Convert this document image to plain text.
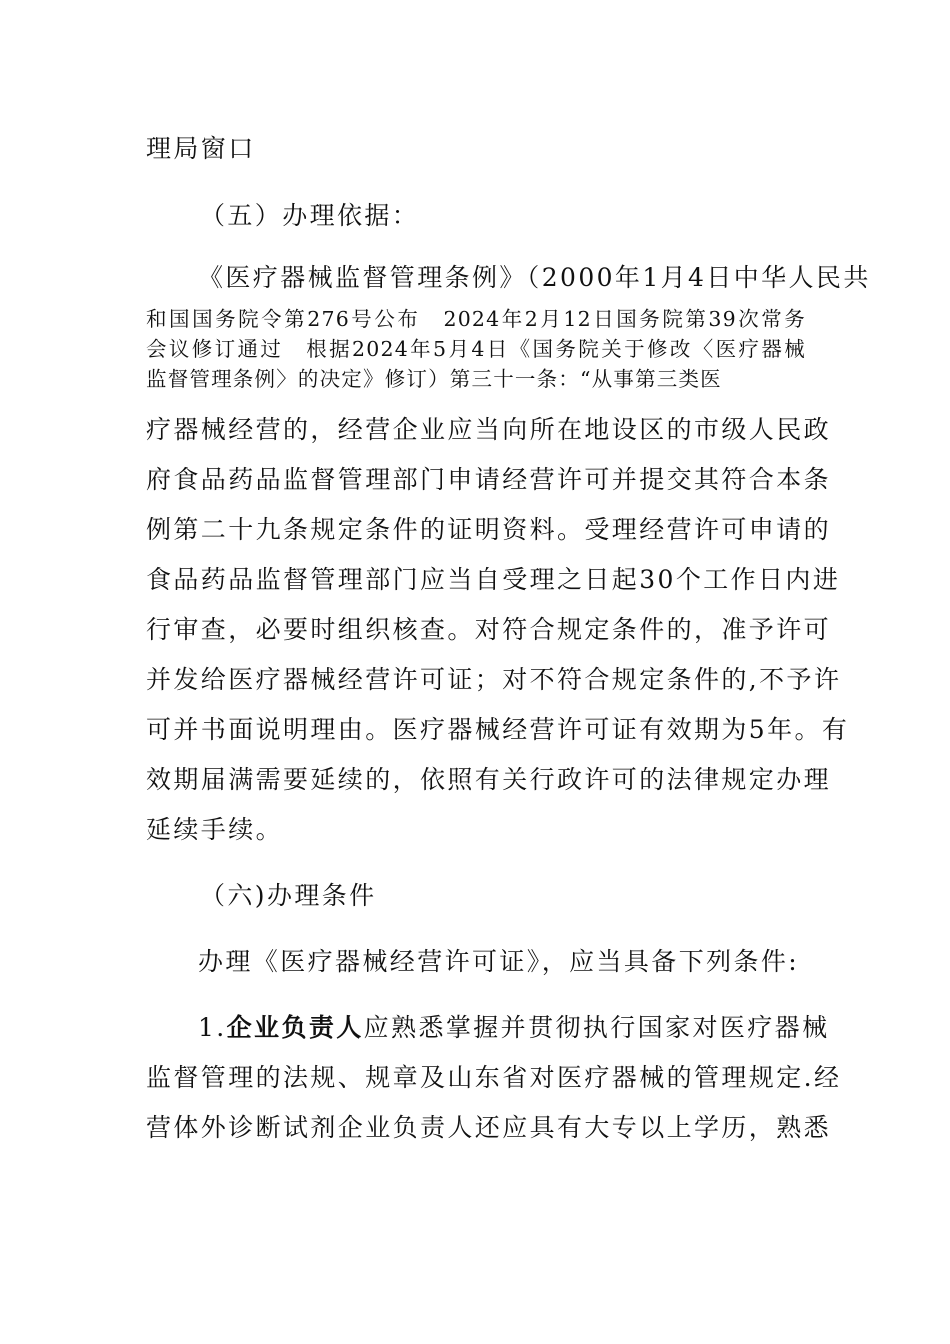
理局窗口
（五）办理依据：
《医疗器械监督管理条例》（2000年1月4日中华人民共
和国国务院令第276号公布　2024年2月12日国务院第39次常务
会议修订通过　根据2024年5月4日《国务院关于修改〈医疗器械
监督管理条例〉的决定》修订）第三十一条：“从事第三类医
疗器械经营的，经营企业应当向所在地设区的市级人民政
府食品药品监督管理部门申请经营许可并提交其符合本条
例第二十九条规定条件的证明资料。受理经营许可申请的
食品药品监督管理部门应当自受理之日起30个工作日内进
行审查，必要时组织核查。对符合规定条件的，准予许可
并发给医疗器械经营许可证；对不符合规定条件的,不予许
可并书面说明理由。医疗器械经营许可证有效期为5年。有
效期届满需要延续的，依照有关行政许可的法律规定办理
延续手续。
（六)办理条件
办理《医疗器械经营许可证》，应当具备下列条件:
1.企业负责人应熟悉掌握并贯彻执行国家对医疗器械
监督管理的法规、规章及山东省对医疗器械的管理规定.经
营体外诊断试剂企业负责人还应具有大专以上学历，熟悉
